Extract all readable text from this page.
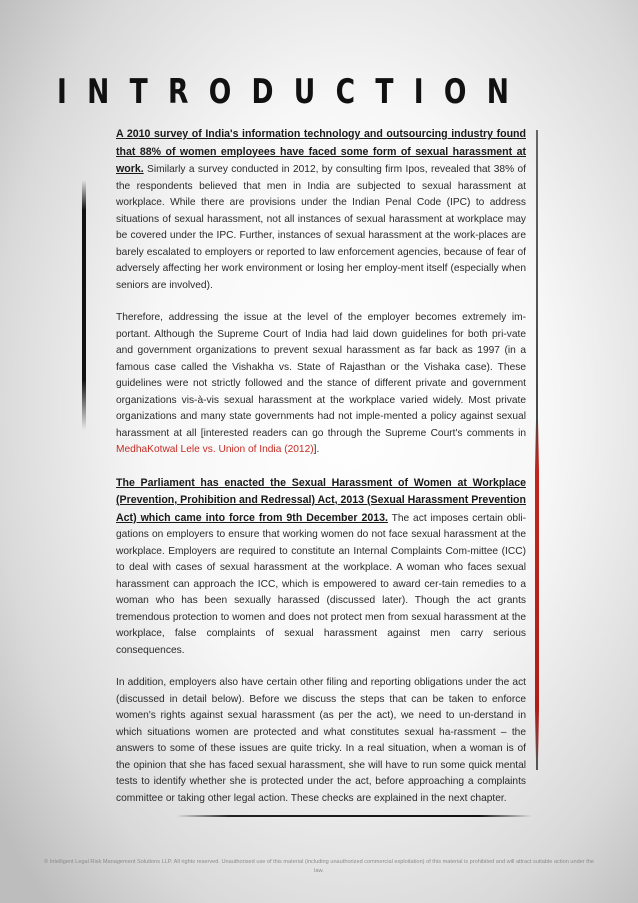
INTRODUCTION

A 2010 survey of India's information technology and outsourcing industry found that 88% of women employees have faced some form of sexual harassment at work. Similarly a survey conducted in 2012, by consulting firm Ipos, revealed that 38% of the respondents believed that men in India are subjected to sexual harassment at workplace. While there are provisions under the Indian Penal Code (IPC) to address situations of sexual harassment, not all instances of sexual harassment at workplace may be covered under the IPC. Further, instances of sexual harassment at the work-places are barely escalated to employers or reported to law enforcement agencies, because of fear of adversely affecting her work environment or losing her employ-ment itself (especially when seniors are involved).

Therefore, addressing the issue at the level of the employer becomes extremely im-portant. Although the Supreme Court of India had laid down guidelines for both pri-vate and government organizations to prevent sexual harassment as far back as 1997 (in a famous case called the Vishakha vs. State of Rajasthan or the Vishaka case). These guidelines were not strictly followed and the stance of different private and government organizations vis-à-vis sexual harassment at the workplace varied widely. Most private organizations and many state governments had not imple-mented a policy against sexual harassment at all [interested readers can go through the Supreme Court's comments in MedhaKotwal Lele vs. Union of India (2012)].

The Parliament has enacted the Sexual Harassment of Women at Workplace (Prevention, Prohibition and Redressal) Act, 2013 (Sexual Harassment Prevention Act) which came into force from 9th December 2013. The act imposes certain obli-gations on employers to ensure that working women do not face sexual harassment at the workplace. Employers are required to constitute an Internal Complaints Com-mittee (ICC) to deal with cases of sexual harassment at the workplace. A woman who faces sexual harassment can approach the ICC, which is empowered to award cer-tain remedies to a woman who has been sexually harassed (discussed later). Though the act grants tremendous protection to women and does not protect men from sexual harassment at the workplace, false complaints of sexual harassment against men carry serious consequences.

In addition, employers also have certain other filing and reporting obligations under the act (discussed in detail below). Before we discuss the steps that can be taken to enforce women's rights against sexual harassment (as per the act), we need to un-derstand in which situations women are protected and what constitutes sexual ha-rassment – the answers to some of these issues are quite tricky. In a real situation, when a woman is of the opinion that she has faced sexual harassment, she will have to run some quick mental tests to identify whether she is protected under the act, before approaching a complaints committee or taking other legal action. These checks are explained in the next chapter.

© Intelligent Legal Risk Management Solutions LLP. All rights reserved. Unauthorised use of this material (including unauthorized commercial exploitation) of this material is prohibited and will attract suitable action under the law.
